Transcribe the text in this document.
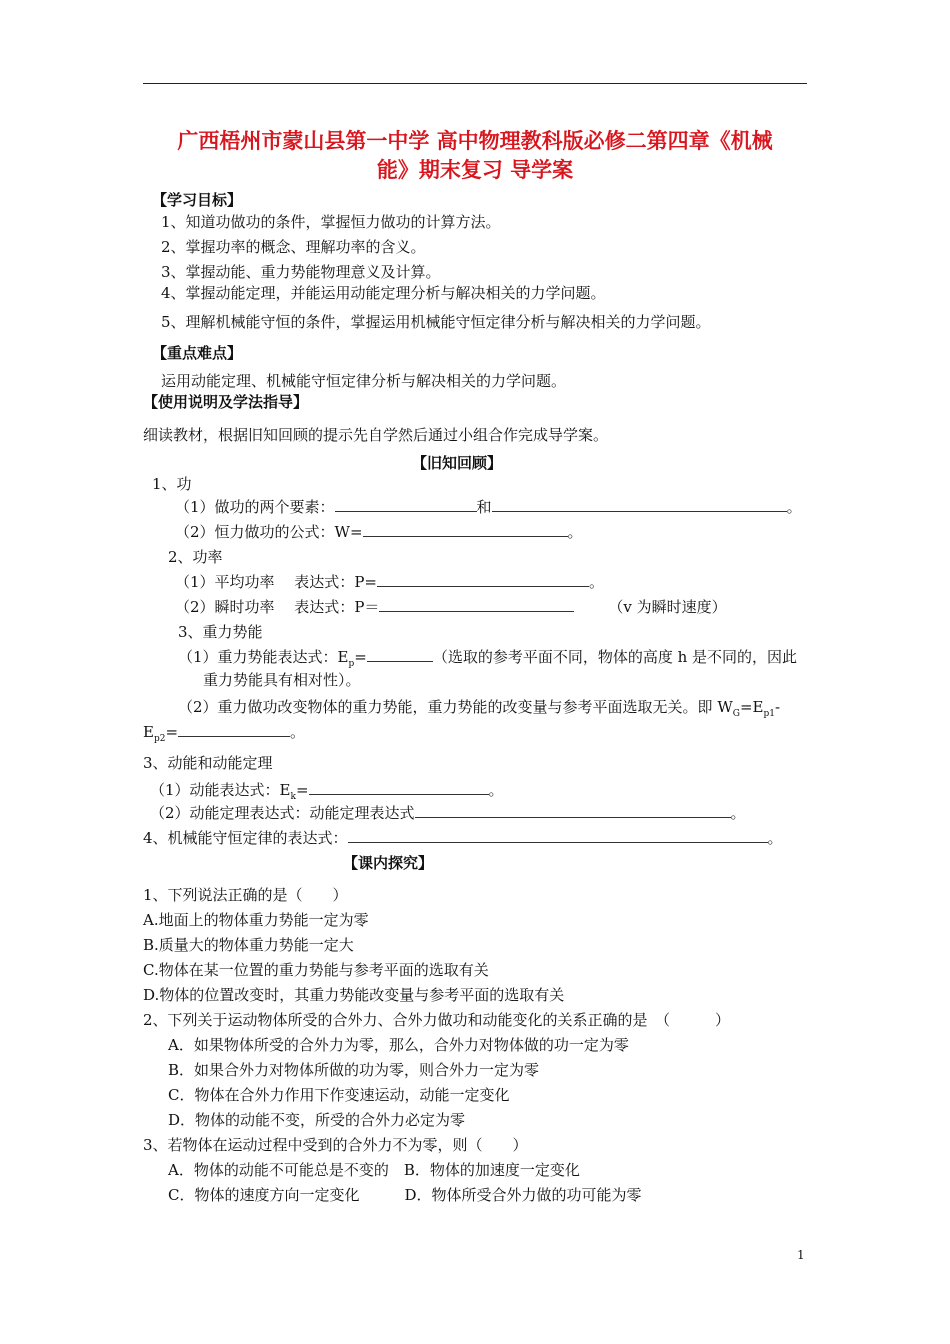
广西梧州市蒙山县第一中学 高中物理教科版必修二第四章《机械
能》期末复习 导学案
【学习目标】
1、知道功做功的条件，掌握恒力做功的计算方法。
2、掌握功率的概念、理解功率的含义。
3、掌握动能、重力势能物理意义及计算。
4、掌握动能定理，并能运用动能定理分析与解决相关的力学问题。
5、理解机械能守恒的条件，掌握运用机械能守恒定律分析与解决相关的力学问题。
【重点难点】
运用动能定理、机械能守恒定律分析与解决相关的力学问题。
【使用说明及学法指导】
细读教材，根据旧知回顾的提示先自学然后通过小组合作完成导学案。
【旧知回顾】
1、功
（1）做功的两个要素：	和	。
（2）恒力做功的公式：W=	。
2、功率
（1）平均功率　 表达式：P=	。
（2）瞬时功率　 表达式：P＝	（v 为瞬时速度）
3、重力势能
（1）重力势能表达式：$E_p=$	（选取的参考平面不同，物体的高度 h 是不同的，因此
重力势能具有相对性）。
（2）重力做功改变物体的重力势能，重力势能的改变量与参考平面选取无关。即 $W_G=E_{p1}-$
$E_{p2}=$	。
3、动能和动能定理
（1）动能表达式：$E_k=$	。
（2）动能定理表达式：动能定理表达式	。
4、机械能守恒定律的表达式：	。
【课内探究】
1、下列说法正确的是（　　）
A.地面上的物体重力势能一定为零
B.质量大的物体重力势能一定大
C.物体在某一位置的重力势能与参考平面的选取有关
D.物体的位置改变时，其重力势能改变量与参考平面的选取有关
2、下列关于运动物体所受的合外力、合外力做功和动能变化的关系正确的是　（　　　）
A．如果物体所受的合外力为零，那么，合外力对物体做的功一定为零
B．如果合外力对物体所做的功为零，则合外力一定为零
C．物体在合外力作用下作变速运动，动能一定变化
D．物体的动能不变，所受的合外力必定为零
3、若物体在运动过程中受到的合外力不为零，则（　　）
A．物体的动能不可能总是不变的　B．物体的加速度一定变化
C．物体的速度方向一定变化　　　D．物体所受合外力做的功可能为零
1
